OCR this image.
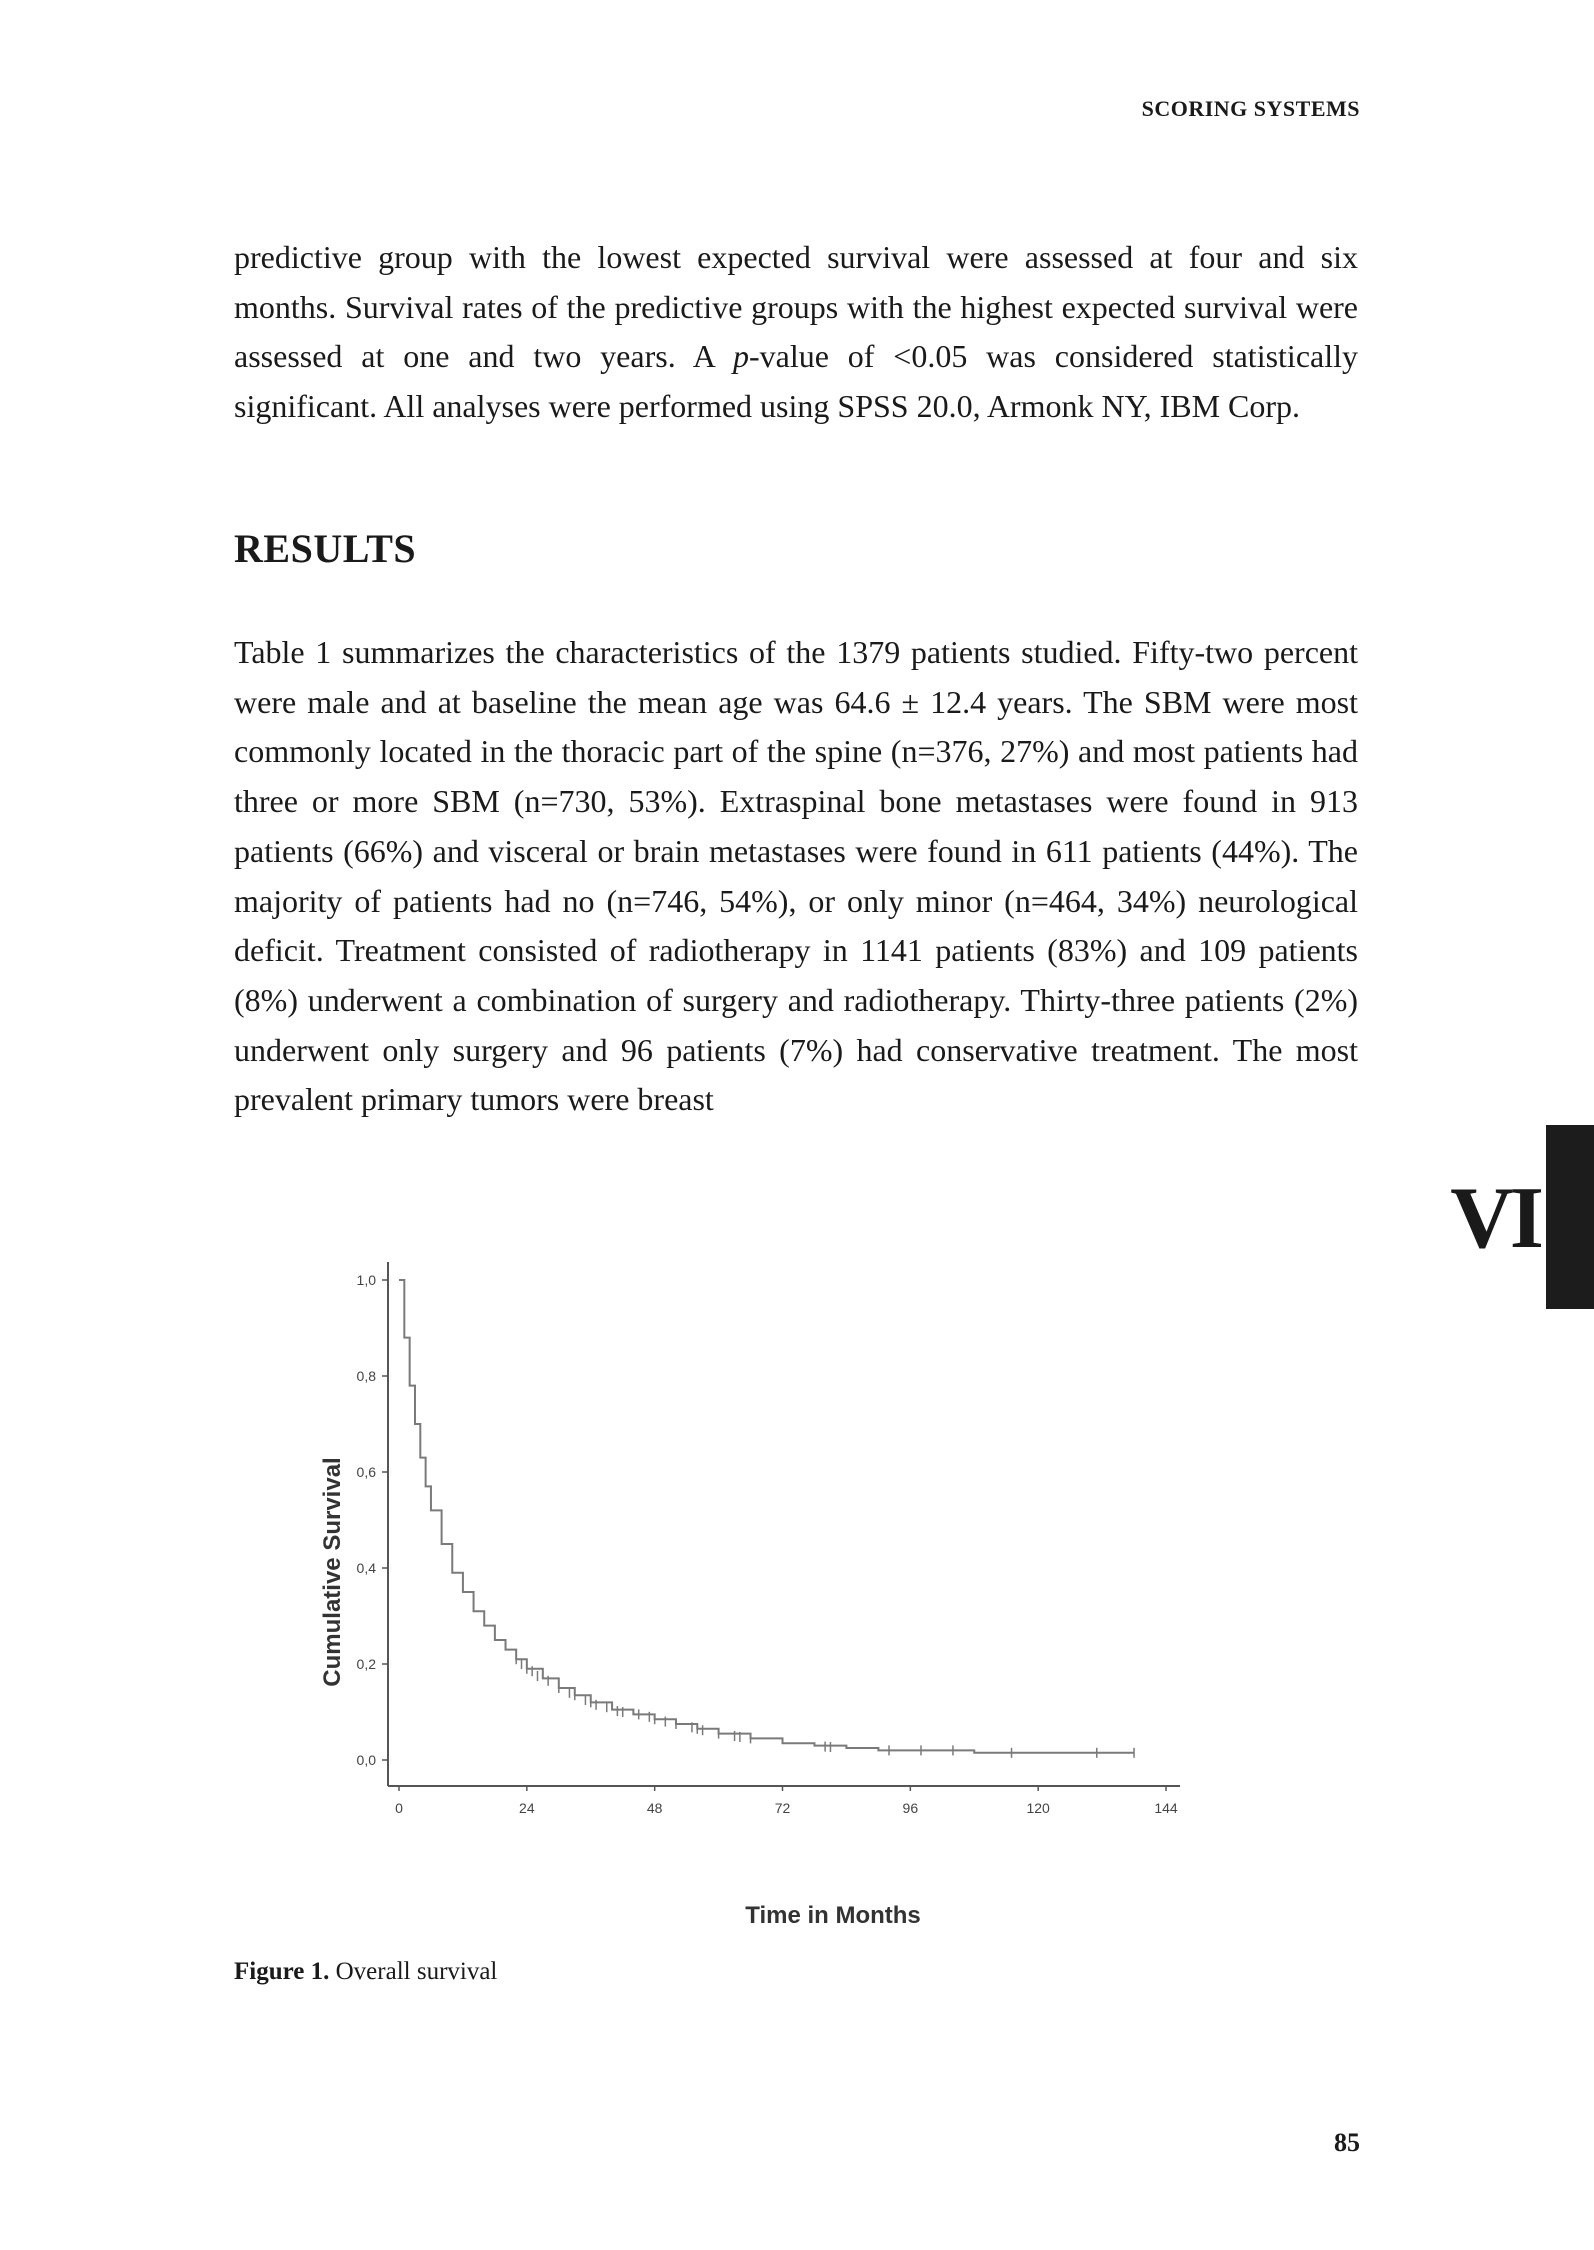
SCORING SYSTEMS

predictive group with the lowest expected survival were assessed at four and six months. Survival rates of the predictive groups with the highest expected survival were assessed at one and two years. A p-value of <0.05 was considered statistically significant. All analyses were performed using SPSS 20.0, Armonk NY, IBM Corp.

RESULTS

Table 1 summarizes the characteristics of the 1379 patients studied. Fifty-two percent were male and at baseline the mean age was 64.6 ± 12.4 years. The SBM were most commonly located in the thoracic part of the spine (n=376, 27%) and most patients had three or more SBM (n=730, 53%). Extraspinal bone metastases were found in 913 patients (66%) and visceral or brain metastases were found in 611 patients (44%). The majority of patients had no (n=746, 54%), or only minor (n=464, 34%) neurological deficit. Treatment consisted of radiotherapy in 1141 patients (83%) and 109 patients (8%) underwent a combination of surgery and radiotherapy. Thirty-three patients (2%) underwent only surgery and 96 patients (7%) had conservative treatment. The most prevalent primary tumors were breast

VI
0,0
0,2
0,4
0,6
0,8
1,0
0	24	48	72	96	120	144
Cumulative Survival
Time in Months

Figure 1. Overall survival

85
